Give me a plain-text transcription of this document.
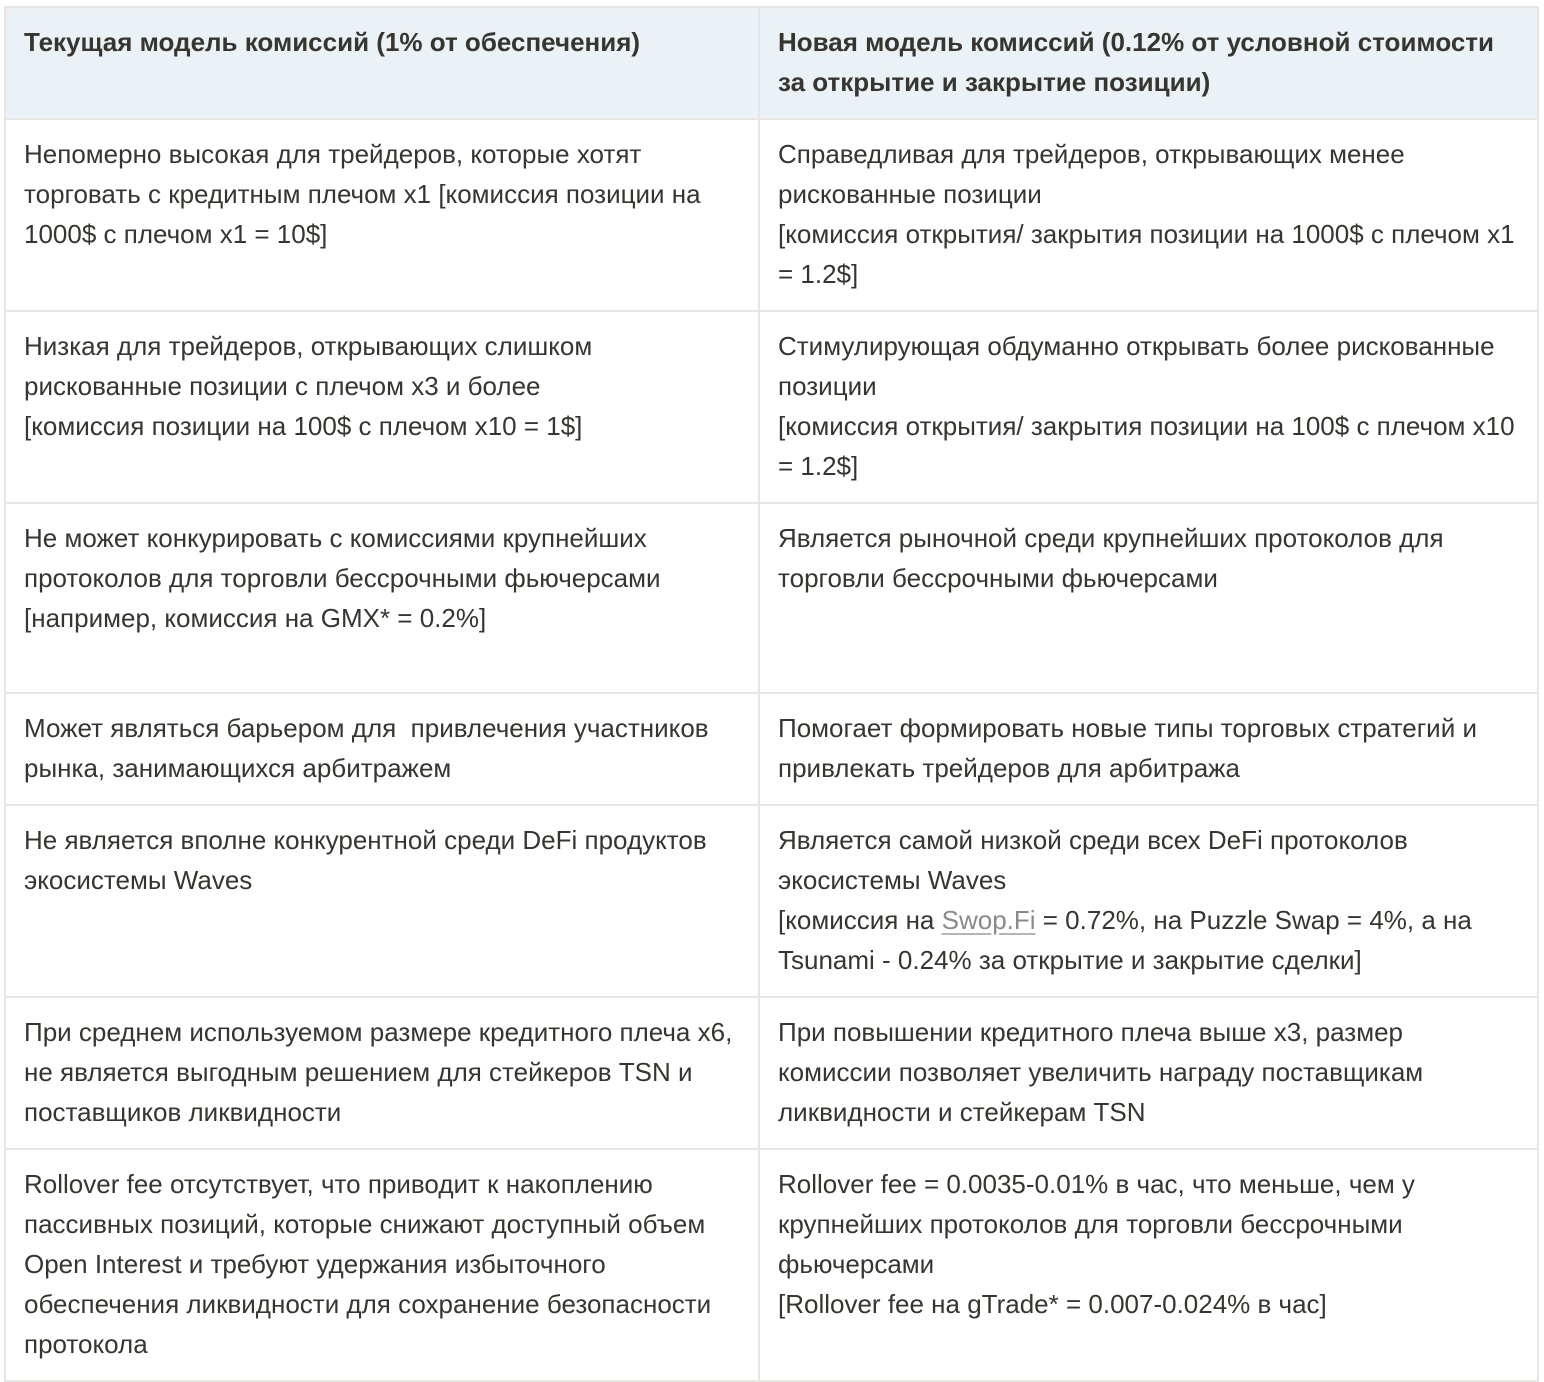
Текущая модель комиссий (1% от обеспечения)	Новая модель комиссий (0.12% от условной стоимости за открытие и закрытие позиции)

Непомерно высокая для трейдеров, которые хотят торговать с кредитным плечом х1 [комиссия позиции на 1000$ с плечом х1 = 10$]	Справедливая для трейдеров, открывающих менее рискованные позиции
[комиссия открытия/ закрытия позиции на 1000$ с плечом х1 = 1.2$]

Низкая для трейдеров, открывающих слишком рискованные позиции с плечом х3 и более
[комиссия позиции на 100$ с плечом х10 = 1$]	Стимулирующая обдуманно открывать более рискованные позиции
[комиссия открытия/ закрытия позиции на 100$ с плечом х10 = 1.2$]

Не может конкурировать с комиссиями крупнейших протоколов для торговли бессрочными фьючерсами
[например, комиссия на GMX* = 0.2%]	Является рыночной среди крупнейших протоколов для торговли бессрочными фьючерсами

Может являться барьером для  привлечения участников рынка, занимающихся арбитражем	Помогает формировать новые типы торговых стратегий и привлекать трейдеров для арбитража

Не является вполне конкурентной среди DeFi продуктов экосистемы Waves	Является самой низкой среди всех DeFi протоколов экосистемы Waves
[комиссия на Swop.Fi = 0.72%, на Puzzle Swap = 4%, а на Tsunami - 0.24% за открытие и закрытие сделки]

При среднем используемом размере кредитного плеча х6, не является выгодным решением для стейкеров TSN и поставщиков ликвидности	При повышении кредитного плеча выше х3, размер комиссии позволяет увеличить награду поставщикам ликвидности и стейкерам TSN

Rollover fee отсутствует, что приводит к накоплению пассивных позиций, которые снижают доступный объем Open Interest и требуют удержания избыточного обеспечения ликвидности для сохранение безопасности протокола	Rollover fee = 0.0035-0.01% в час, что меньше, чем у крупнейших протоколов для торговли бессрочными фьючерсами
[Rollover fee на gTrade* = 0.007-0.024% в час]
